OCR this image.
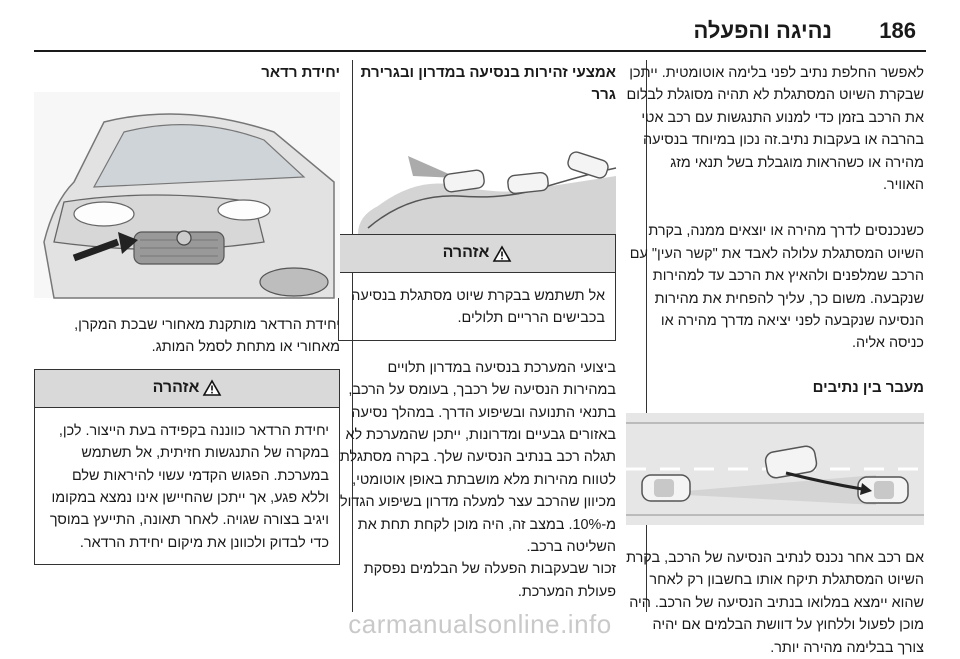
186
נהיגה והפעלה

לאפשר החלפת נתיב לפני בלימה אוטומטית. ייתכן שבקרת השיוט המסתגלת לא תהיה מסוגלת לבלום את הרכב בזמן כדי למנוע התנגשות עם רכב אטי בהרבה או בעקבות נתיב.זה נכון במיוחד בנסיעה מהירה או כשהראות מוגבלת בשל תנאי מזג האוויר.

כשנכנסים לדרך מהירה או יוצאים ממנה, בקרת השיוט המסתגלת עלולה לאבד את "קשר העין" עם הרכב שמלפנים ולהאיץ את הרכב עד למהירות שנקבעה. משום כך, עליך להפחית את מהירות הנסיעה שנקבעה לפני יציאה מדרך מהירה או כניסה אליה.

מעבר בין נתיבים

אם רכב אחר נכנס לנתיב הנסיעה של הרכב, בקרת השיוט המסתגלת תיקח אותו בחשבון רק לאחר שהוא יימצא במלואו בנתיב הנסיעה של הרכב. היה מוכן לפעול וללחוץ על דוושת הבלמים אם יהיה צורך בבלימה מהירה יותר.

אמצעי זהירות בנסיעה במדרון ובגרירת גרר
אזהרה
אל תשתמש בבקרת שיוט מסתגלת בנסיעה בכבישים הרריים תלולים.

ביצועי המערכת בנסיעה במדרון תלויים במהירות הנסיעה של רכבך, בעומס על הרכב, בתנאי התנועה ובשיפוע הדרך. במהלך נסיעה באזורים גבעיים ומדרונות, ייתכן שהמערכת לא תגלה רכב בנתיב הנסיעה שלך. בקרה מסתגלת לטווח מהירות מלא מושבתת באופן אוטומטי, מכיוון שהרכב עצר למעלה מדרון בשיפוע הגדול מ-10%. במצב זה, היה מוכן לקחת תחת את השליטה ברכב.

זכור שבעקבות הפעלה של הבלמים נפסקת פעולת המערכת.

יחידת רדאר

יחידת הרדאר מותקנת מאחורי שבכת המקרן, מאחורי או מתחת לסמל המותג.

אזהרה
יחידת הרדאר כווננה בקפידה בעת הייצור. לכן, במקרה של התנגשות חזיתית, אל תשתמש במערכת. הפגוש הקדמי עשוי להיראות שלם וללא פגע, אך ייתכן שהחיישן אינו נמצא במקומו ויגיב בצורה שגויה. לאחר תאונה, התייעץ במוסך כדי לבדוק ולכוונן את מיקום יחידת הרדאר.
carmanualsonline.info
